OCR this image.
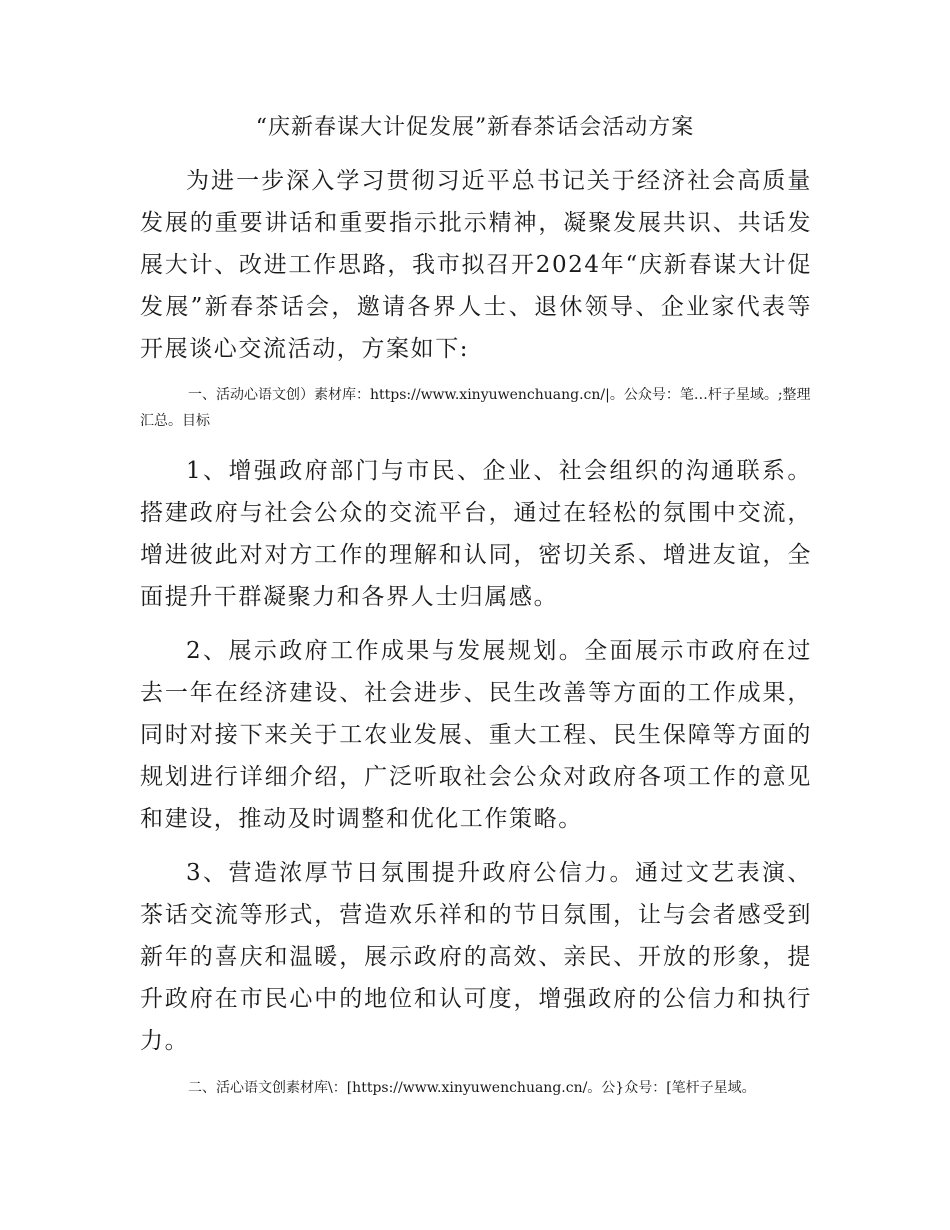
“庆新春谋大计促发展”新春茶话会活动方案

为进一步深入学习贯彻习近平总书记关于经济社会高质量发展的重要讲话和重要指示批示精神，凝聚发展共识、共话发展大计、改进工作思路，我市拟召开2024年“庆新春谋大计促发展”新春茶话会，邀请各界人士、退休领导、企业家代表等开展谈心交流活动，方案如下:

一、活动心语文创）素材库：https://www.xinyuwenchuang.cn/|。公众号：笔…杆子星域。;整理汇总。目标

1、增强政府部门与市民、企业、社会组织的沟通联系。搭建政府与社会公众的交流平台，通过在轻松的氛围中交流，增进彼此对对方工作的理解和认同，密切关系、增进友谊，全面提升干群凝聚力和各界人士归属感。

2、展示政府工作成果与发展规划。全面展示市政府在过去一年在经济建设、社会进步、民生改善等方面的工作成果，同时对接下来关于工农业发展、重大工程、民生保障等方面的规划进行详细介绍，广泛听取社会公众对政府各项工作的意见和建设，推动及时调整和优化工作策略。

3、营造浓厚节日氛围提升政府公信力。通过文艺表演、茶话交流等形式，营造欢乐祥和的节日氛围，让与会者感受到新年的喜庆和温暖，展示政府的高效、亲民、开放的形象，提升政府在市民心中的地位和认可度，增强政府的公信力和执行力。

二、活心语文创素材库\：[https://www.xinyuwenchuang.cn/。公}众号：[笔杆子星域。
